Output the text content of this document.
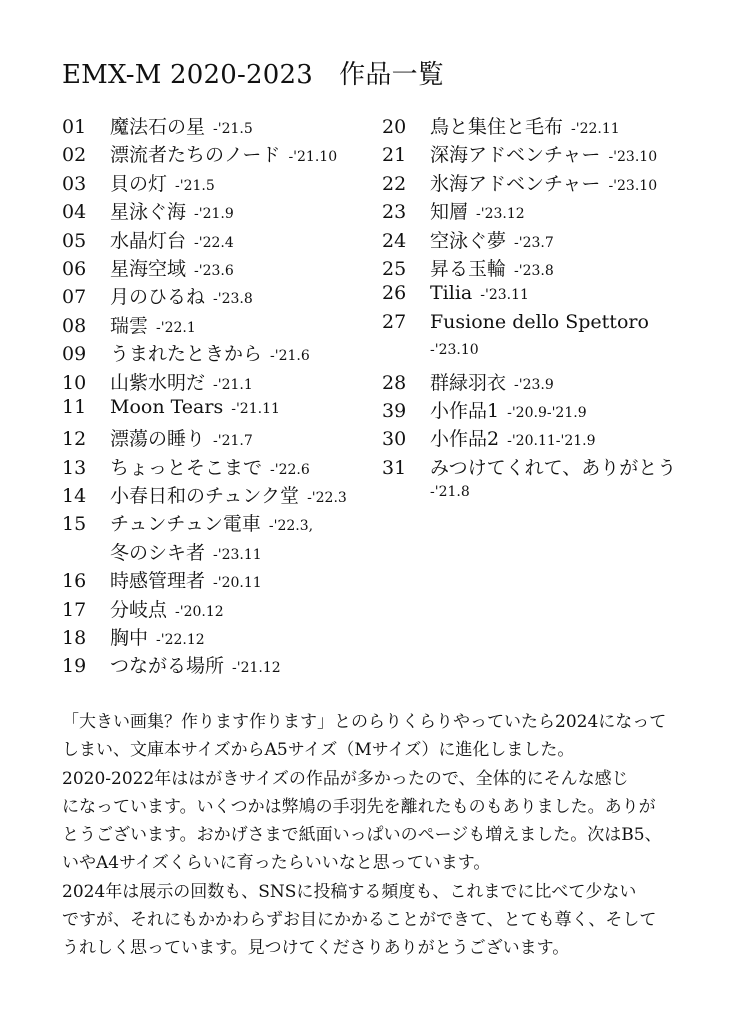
EMX-M 2020-2023　作品一覧
01	魔法石の星 -'21.5
02	漂流者たちのノード -'21.10
03	貝の灯 -'21.5
04	星泳ぐ海 -'21.9
05	水晶灯台 -'22.4
06	星海空域 -'23.6
07	月のひるね -'23.8
08	瑞雲 -'22.1
09	うまれたときから -'21.6
10	山紫水明だ -'21.1
11	Moon Tears -'21.11
12	漂蕩の睡り -'21.7
13	ちょっとそこまで -'22.6
14	小春日和のチュンク堂 -'22.3
15	チュンチュン電車 -'22.3,
冬のシキ者 -'23.11
16	時感管理者 -'20.11
17	分岐点 -'20.12
18	胸中 -'22.12
19	つながる場所 -'21.12
20	鳥と集住と毛布 -'22.11
21	深海アドベンチャー -'23.10
22	氷海アドベンチャー -'23.10
23	知層 -'23.12
24	空泳ぐ夢 -'23.7
25	昇る玉輪 -'23.8
26	Tilia -'23.11
27	Fusione dello Spettoro
-'23.10
28	群緑羽衣 -'23.9
39	小作品1 -'20.9-'21.9
30	小作品2 -'20.11-'21.9
31	みつけてくれて、ありがとう
-'21.8

「大きい画集？作ります作ります」とのらりくらりやっていたら2024になって

しまい、文庫本サイズからA5サイズ（Mサイズ）に進化しました。

2020-2022年ははがきサイズの作品が多かったので、全体的にそんな感じ

になっています。いくつかは弊鳩の手羽先を離れたものもありました。ありが

とうございます。おかげさまで紙面いっぱいのページも増えました。次はB5、

いやA4サイズくらいに育ったらいいなと思っています。

2024年は展示の回数も、SNSに投稿する頻度も、これまでに比べて少ない

ですが、それにもかかわらずお目にかかることができて、とても尊く、そして

うれしく思っています。見つけてくださりありがとうございます。
